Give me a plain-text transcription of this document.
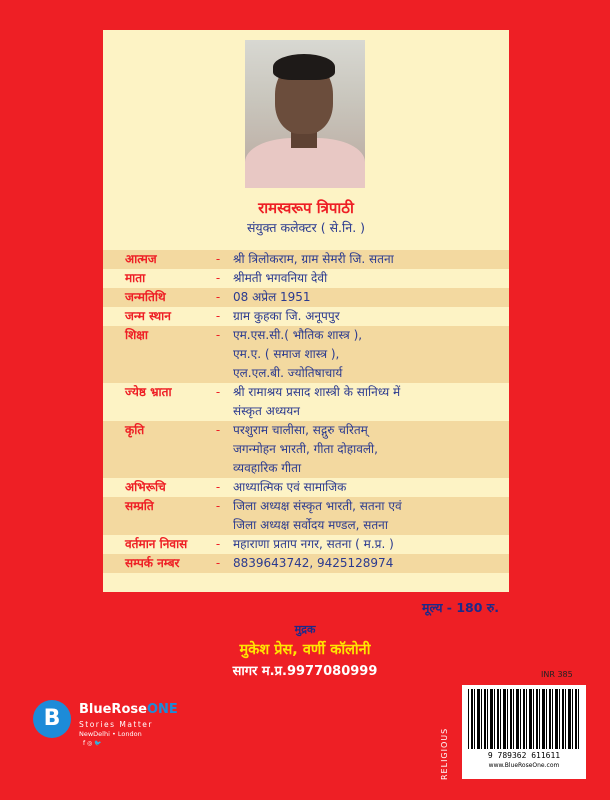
रामस्वरूप त्रिपाठी
संयुक्त कलेक्टर ( से.नि. )
आत्मज	-	श्री त्रिलोकराम, ग्राम सेमरी जि. सतना
माता	-	श्रीमती भगवनिया देवी
जन्मतिथि	-	08 अप्रेल 1951
जन्म स्थान	-	ग्राम कुहका जि. अनूपपुर
शिक्षा	-	एम.एस.सी.( भौतिक शास्त्र ),
एम.ए. ( समाज शास्त्र ),
एल.एल.बी. ज्योतिषाचार्य
ज्येष्ठ भ्राता	-	श्री रामाश्रय प्रसाद शास्त्री के सानिध्य में
संस्कृत अध्ययन
कृति	-	परशुराम चालीसा, सद्गुरु चरितम्
जगन्मोहन भारती, गीता दोहावली,
व्यवहारिक गीता
अभिरूचि	-	आध्यात्मिक एवं सामाजिक
सम्प्रति	-	जिला अध्यक्ष संस्कृत भारती, सतना एवं
जिला अध्यक्ष सर्वोदय मण्डल, सतना
वर्तमान निवास	-	महाराणा प्रताप नगर, सतना ( म.प्र. )
सम्पर्क नम्बर	-	8839643742, 9425128974
मूल्य - 180 रु.
मुद्रक
मुकेश प्रेस, वर्णी कॉलोनी
सागर म.प्र.9977080999
B	BlueRoseONE
Stories Matter
NewDelhi • London
f ◎ 🐦
INR 385
RELIGIOUS	9 789362 611611
www.BlueRoseOne.com
